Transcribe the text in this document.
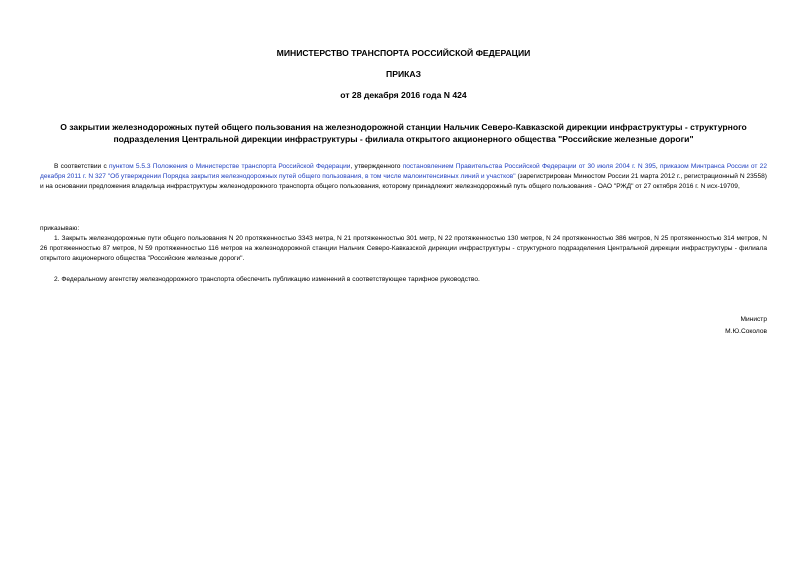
МИНИСТЕРСТВО ТРАНСПОРТА РОССИЙСКОЙ ФЕДЕРАЦИИ
ПРИКАЗ
от 28 декабря 2016 года N 424
О закрытии железнодорожных путей общего пользования на железнодорожной станции Нальчик Северо-Кавказской дирекции инфраструктуры - структурного подразделения Центральной дирекции инфраструктуры - филиала открытого акционерного общества "Российские железные дороги"
В соответствии с пунктом 5.5.3 Положения о Министерстве транспорта Российской Федерации, утвержденного постановлением Правительства Российской Федерации от 30 июля 2004 г. N 395, приказом Минтранса России от 22 декабря 2011 г. N 327 "Об утверждении Порядка закрытия железнодорожных путей общего пользования, в том числе малоинтенсивных линий и участков" (зарегистрирован Минюстом России 21 марта 2012 г., регистрационный N 23558) и на основании предложения владельца инфраструктуры железнодорожного транспорта общего пользования, которому принадлежит железнодорожный путь общего пользования - ОАО "РЖД" от 27 октября 2016 г. N исх-19709,
приказываю:
1. Закрыть железнодорожные пути общего пользования N 20 протяженностью 3343 метра, N 21 протяженностью 301 метр, N 22 протяженностью 130 метров, N 24 протяженностью 386 метров, N 25 протяженностью 314 метров, N 26 протяженностью 87 метров, N 59 протяженностью 116 метров на железнодорожной станции Нальчик Северо-Кавказской дирекции инфраструктуры - структурного подразделения Центральной дирекции инфраструктуры - филиала открытого акционерного общества "Российские железные дороги".
2. Федеральному агентству железнодорожного транспорта обеспечить публикацию изменений в соответствующее тарифное руководство.
Министр
М.Ю.Соколов
